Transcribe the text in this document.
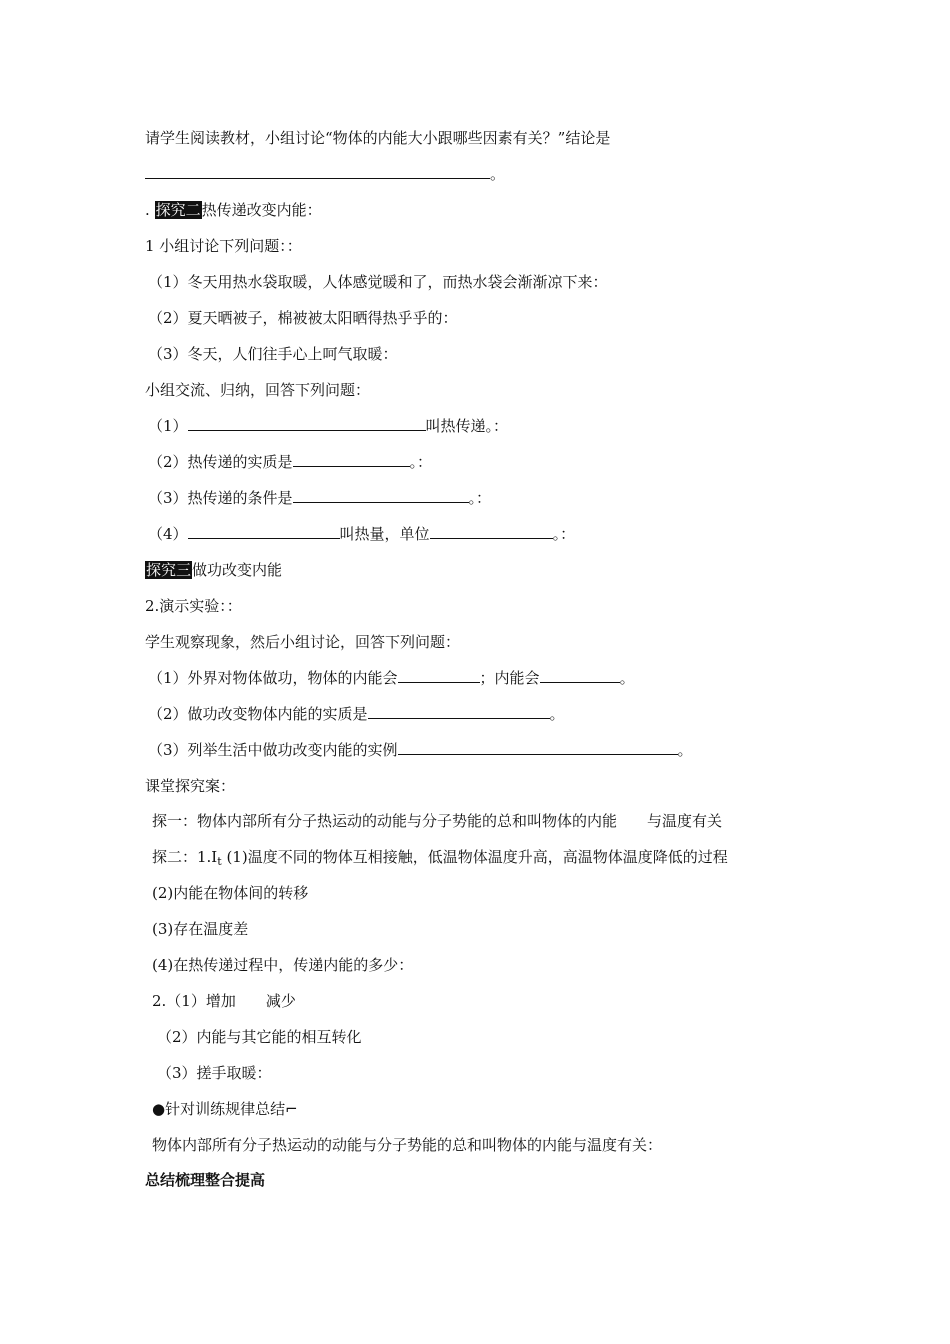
请学生阅读教材，小组讨论“物体的内能大小跟哪些因素有关？”结论是
。
. 探究二热传递改变内能：
1 小组讨论下列问题：：
（1）冬天用热水袋取暖，人体感觉暖和了，而热水袋会渐渐凉下来：
（2）夏天晒被子，棉被被太阳晒得热乎乎的：
（3）冬天，人们往手心上呵气取暖：
小组交流、归纳，回答下列问题：
（1）	叫热传递。：
（2）热传递的实质是	。：
（3）热传递的条件是	。：
（4）	叫热量，单位	。：
探究三做功改变内能
2.演示实验：：
学生观察现象，然后小组讨论，回答下列问题：
（1）外界对物体做功，物体的内能会	；内能会	。
（2）做功改变物体内能的实质是	。
（3）列举生活中做功改变内能的实例	。
课堂探究案：
探一：物体内部所有分子热运动的动能与分子势能的总和叫物体的内能　　与温度有关
探二：$1.I_t$ (1)温度不同的物体互相接触，低温物体温度升高，高温物体温度降低的过程
(2)内能在物体间的转移
(3)存在温度差
(4)在热传递过程中，传递内能的多少：
2.（1）增加　　减少
（2）内能与其它能的相互转化
（3）搓手取暖：
●针对训练规律总结⌐
物体内部所有分子热运动的动能与分子势能的总和叫物体的内能与温度有关：
总结梳理整合提高
